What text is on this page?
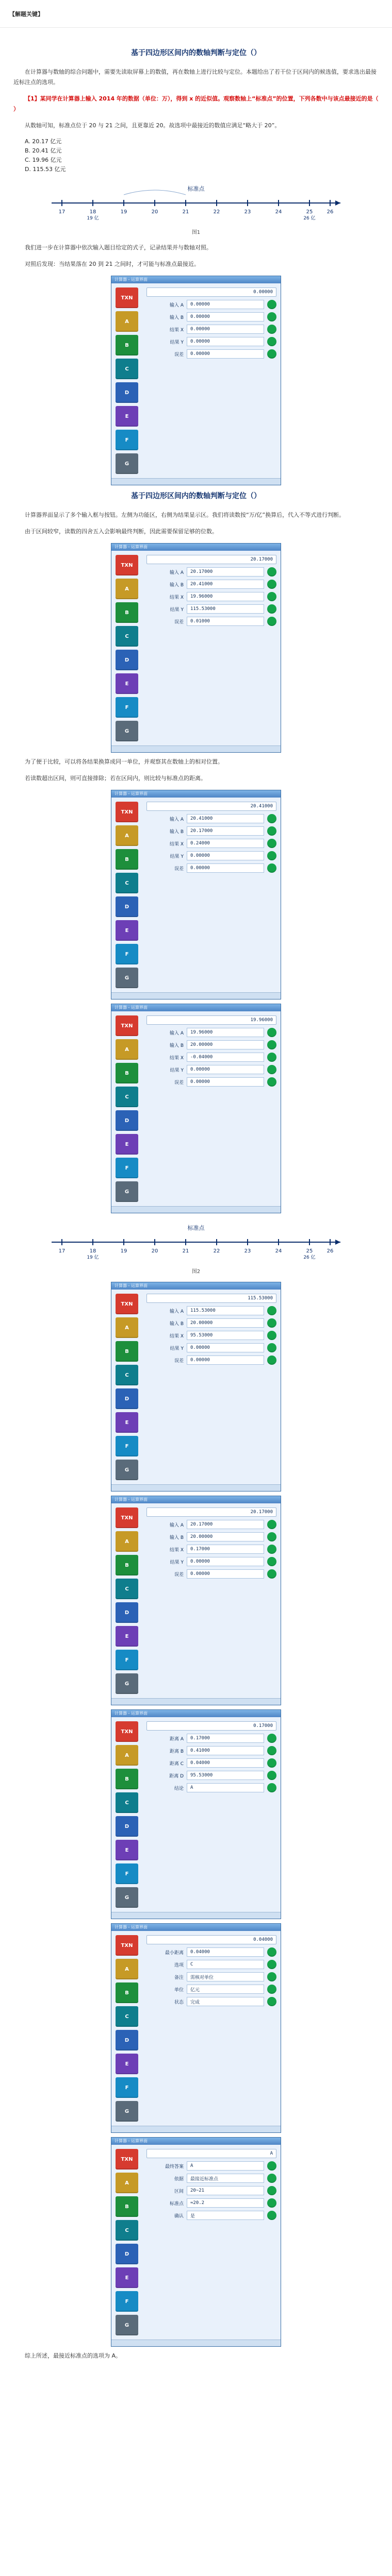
【解题关键】
基于四边形区间内的数轴判断与定位（）

在计算器与数轴的综合问题中，需要先读取屏幕上的数值，再在数轴上进行比较与定位。本题给出了若干位于区间内的候选值，要求选出最接近标注点的选项。

【1】某同学在计算器上输入 2014 年的数据（单位：万），得到 x 的近似值。观察数轴上“标准点”的位置，下列各数中与该点最接近的是（ ）

从数轴可知，标准点位于 20 与 21 之间，且更靠近 20。故选项中最接近的数值应满足“略大于 20”。

A. 20.17 亿元
B. 20.41 亿元
C. 19.96 亿元
D. 115.53 亿元
标准点
17	18	19	20	21	22	23	24	25	26
19 亿	26 亿
图1

我们进一步在计算器中依次输入题目给定的式子，记录结果并与数轴对照。

对照后发现：当结果落在 20 到 21 之间时，才可能与标准点最接近。

计算器 - 运算界面
TXN
A
B
C
D
E
F
G
0.00000
输入 A	0.00000
输入 B	0.00000
结果 X	0.00000
结果 Y	0.00000
误差	0.00000
基于四边形区间内的数轴判断与定位（）

计算器界面显示了多个输入框与按钮。左侧为功能区，右侧为结果显示区。我们将读数按“万/亿”换算后，代入不等式进行判断。

由于区间较窄，读数的四舍五入会影响最终判断，因此需要保留足够的位数。

计算器 - 运算界面
TXN
A
B
C
D
E
F
G
20.17000
输入 A	20.17000
输入 B	20.41000
结果 X	19.96000
结果 Y	115.53000
误差	0.01000

为了便于比较，可以将各结果换算成同一单位，并观察其在数轴上的相对位置。

若读数超出区间，则可直接排除；若在区间内，则比较与标准点的距离。

计算器 - 运算界面
TXN
A
B
C
D
E
F
G
20.41000
输入 A	20.41000
输入 B	20.17000
结果 X	0.24000
结果 Y	0.00000
误差	0.00000
计算器 - 运算界面
TXN
A
B
C
D
E
F
G
19.96000
输入 A	19.96000
输入 B	20.00000
结果 X	-0.04000
结果 Y	0.00000
误差	0.00000
标准点
17	18	19	20	21	22	23	24	25	26
19 亿	26 亿
图2
计算器 - 运算界面
TXN
A
B
C
D
E
F
G
115.53000
输入 A	115.53000
输入 B	20.00000
结果 X	95.53000
结果 Y	0.00000
误差	0.00000
计算器 - 运算界面
TXN
A
B
C
D
E
F
G
20.17000
输入 A	20.17000
输入 B	20.00000
结果 X	0.17000
结果 Y	0.00000
误差	0.00000
计算器 - 运算界面
TXN
A
B
C
D
E
F
G
0.17000
距离 A	0.17000
距离 B	0.41000
距离 C	0.04000
距离 D	95.53000
结论	A
计算器 - 运算界面
TXN
A
B
C
D
E
F
G
0.04000
最小距离	0.04000
选项	C
备注	需核对单位
单位	亿元
状态	完成
计算器 - 运算界面
TXN
A
B
C
D
E
F
G
A
最终答案	A
依据	最接近标准点
区间	20~21
标准点	≈20.2
确认	是

综上所述，最接近标准点的选项为 A。
